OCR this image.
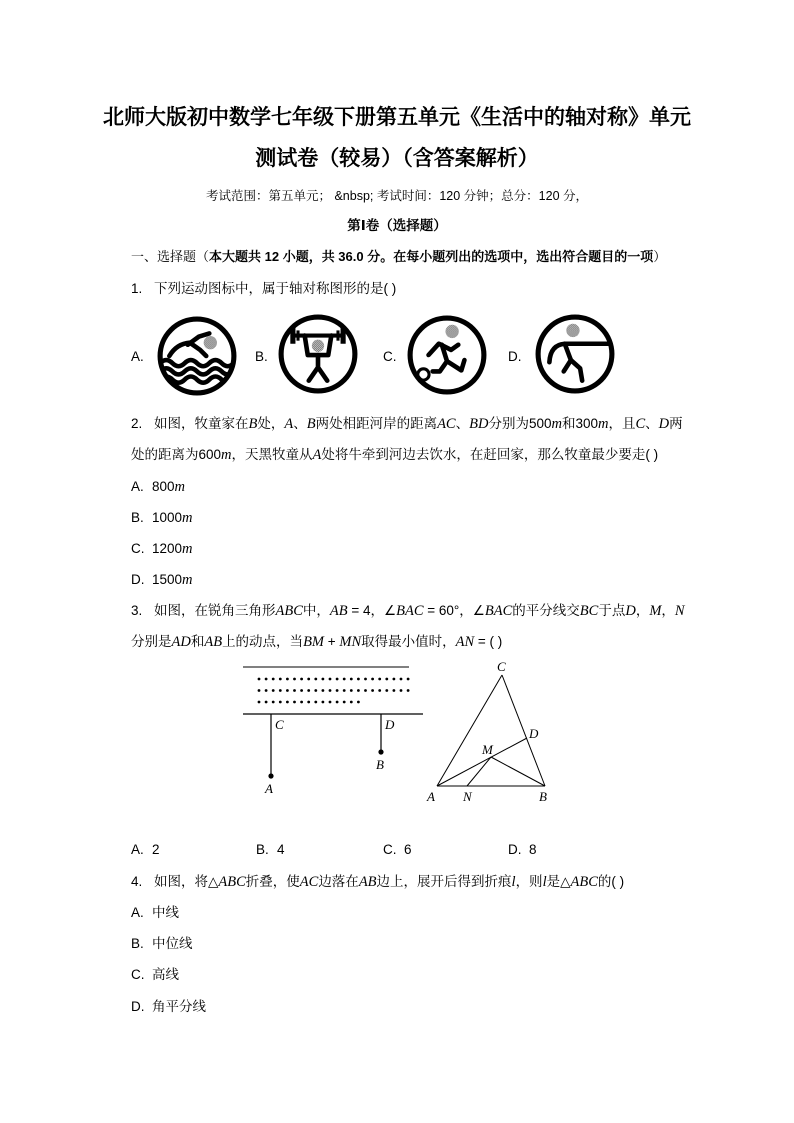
北师大版初中数学七年级下册第五单元《生活中的轴对称》单元
测试卷（较易）（含答案解析）
考试范围：第五单元； &nbsp; 考试时间：120 分钟；总分：120 分，
第Ⅰ卷（选择题）
一、选择题（本大题共 12 小题，共 36.0 分。在每小题列出的选项中，选出符合题目的一项）
1. 下列运动图标中，属于轴对称图形的是( )
A.	B.	C.	D.
2. 如图，牧童家在B处，A、B两处相距河岸的距离AC、BD分别为500m和300m，且C、D两
处的距离为600m，天黑牧童从A处将牛牵到河边去饮水，在赶回家，那么牧童最少要走( )
A. 800m
B. 1000m
C. 1200m
D. 1500m
3. 如图，在锐角三角形ABC中，AB = 4，∠BAC = 60°，∠BAC的平分线交BC于点D，M，N
分别是AD和AB上的动点，当BM + MN取得最小值时，AN = ( )
C	D
A
B
C
D
M
A N	B
A. 2	B. 4	C. 6	D. 8
4. 如图，将△ABC折叠，使AC边落在AB边上，展开后得到折痕l，则l是△ABC的( )
A. 中线
B. 中位线
C. 高线
D. 角平分线
